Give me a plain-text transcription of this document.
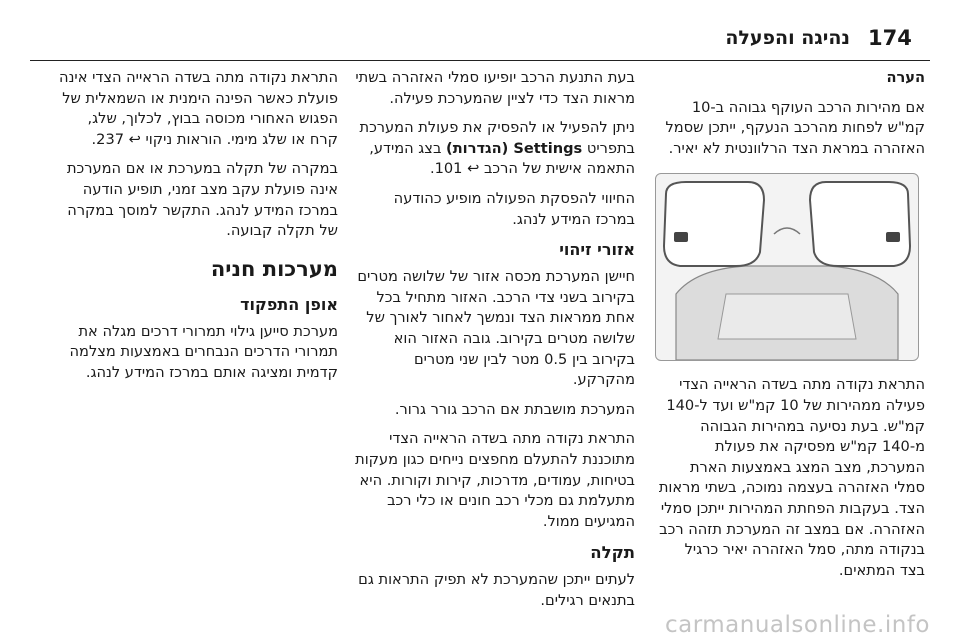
174
נהיגה והפעלה

הערה

אם מהירות הרכב העוקף גבוהה ב-10 קמ"ש לפחות מהרכב הנעקף, ייתכן שסמל האזהרה במראת הצד הרלוונטית לא יאיר.

התראת נקודה מתה בשדה הראייה הצדי פעילה ממהירות של 10 קמ"ש ועד ל-140 קמ"ש. בעת נסיעה במהירות הגבוהה מ-140 קמ"ש מפסיקה את פעולת המערכת, מצב המצג באמצעות הארת סמלי האזהרה בעצמה נמוכה, בשתי מראות הצד. בעקבות הפחתת המהירות ייתכן סמלי האזהרה. אם במצב זה המערכת תזהה רכב בנקודה מתה, סמל האזהרה יאיר כרגיל בצד המתאים.

בעת התנעת הרכב יופיעו סמלי האזהרה בשתי מראות הצד כדי לציין שהמערכת פעילה.

ניתן להפעיל או להפסיק את פעולת המערכת בתפריט Settings (הגדרות) בצג המידע, התאמה אישית של הרכב ↩ 101.

החיווי להפסקת הפעולה מופיע כהודעה במרכז המידע לנהג.

אזורי זיהוי

חיישן המערכת מכסה אזור של שלושה מטרים בקירוב בשני צדי הרכב. האזור מתחיל בכל אחת ממראות הצד ונמשך לאחור לאורך של שלושה מטרים בקירוב. גובה האזור הוא בקירוב בין 0.5 מטר לבין שני מטרים מהקרקע.

המערכת מושבתת אם הרכב גורר גרור.

התראת נקודה מתה בשדה הראייה הצדי מתוכננת להתעלם מחפצים נייחים כגון מעקות בטיחות, עמודים, מדרכות, קירות וקורות. היא מתעלמת גם מכלי רכב חונים או כלי רכב המגיעים ממול.

תקלה

לעתים ייתכן שהמערכת לא תפיק התראות גם בתנאים רגילים.

התראת נקודה מתה בשדה הראייה הצדי אינה פועלת כאשר הפינה הימנית או השמאלית של הפגוש האחורי מכוסה בבוץ, לכלוך, שלג, קרח או שלג מימי. הוראות ניקוי ↩ 237.

במקרה של תקלה במערכת או אם המערכת אינה פועלת עקב מצב זמני, תופיע הודעה במרכז המידע לנהג. התקשר למוסך במקרה של תקלה קבועה.

מערכות חניה
אופן התפקוד

מערכת סייען גילוי תמרורי דרכים מגלה את תמרורי הדרכים הנבחרים באמצעות מצלמה קדמית ומציגה אותם במרכז המידע לנהג.

carmanualsonline.info
